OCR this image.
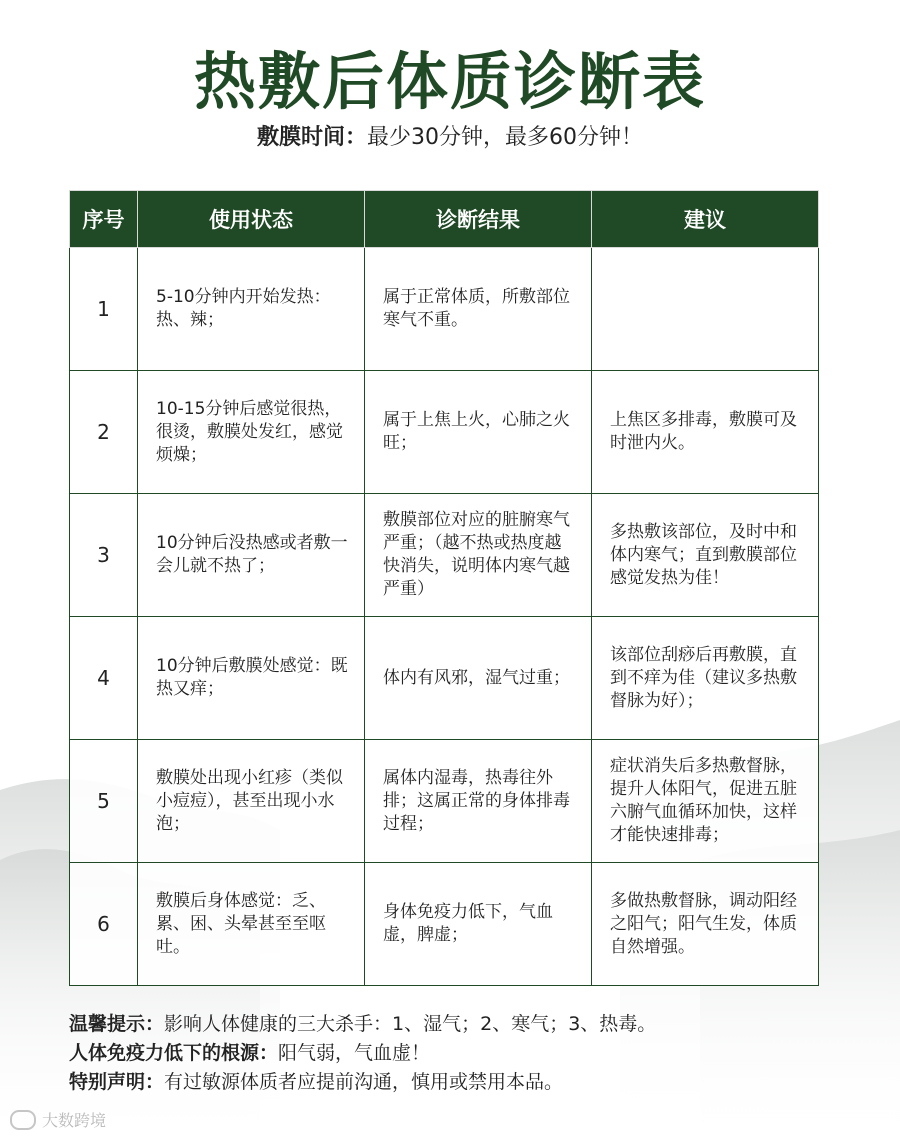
热敷后体质诊断表
敷膜时间：最少30分钟，最多60分钟！
序号	使用状态	诊断结果	建议
1	5-10分钟内开始发热：热、辣；	属于正常体质，所敷部位寒气不重。	
2	10-15分钟后感觉很热，很烫，敷膜处发红，感觉烦燥；	属于上焦上火，心肺之火旺；	上焦区多排毒，敷膜可及时泄内火。
3	10分钟后没热感或者敷一会儿就不热了；	敷膜部位对应的脏腑寒气严重；（越不热或热度越快消失，说明体内寒气越严重）	多热敷该部位，及时中和体内寒气；直到敷膜部位感觉发热为佳！
4	10分钟后敷膜处感觉：既热又痒；	体内有风邪，湿气过重；	该部位刮痧后再敷膜，直到不痒为佳（建议多热敷督脉为好）；
5	敷膜处出现小红疹（类似小痘痘），甚至出现小水泡；	属体内湿毒，热毒往外排；这属正常的身体排毒过程；	症状消失后多热敷督脉，提升人体阳气，促进五脏六腑气血循环加快，这样才能快速排毒；
6	敷膜后身体感觉：乏、累、困、头晕甚至至呕吐。	身体免疫力低下，气血虚，脾虚；	多做热敷督脉，调动阳经之阳气；阳气生发，体质自然增强。
温馨提示：影响人体健康的三大杀手：1、湿气；2、寒气；3、热毒。
人体免疫力低下的根源：阳气弱，气血虚！
特别声明：有过敏源体质者应提前沟通，慎用或禁用本品。
大数跨境
